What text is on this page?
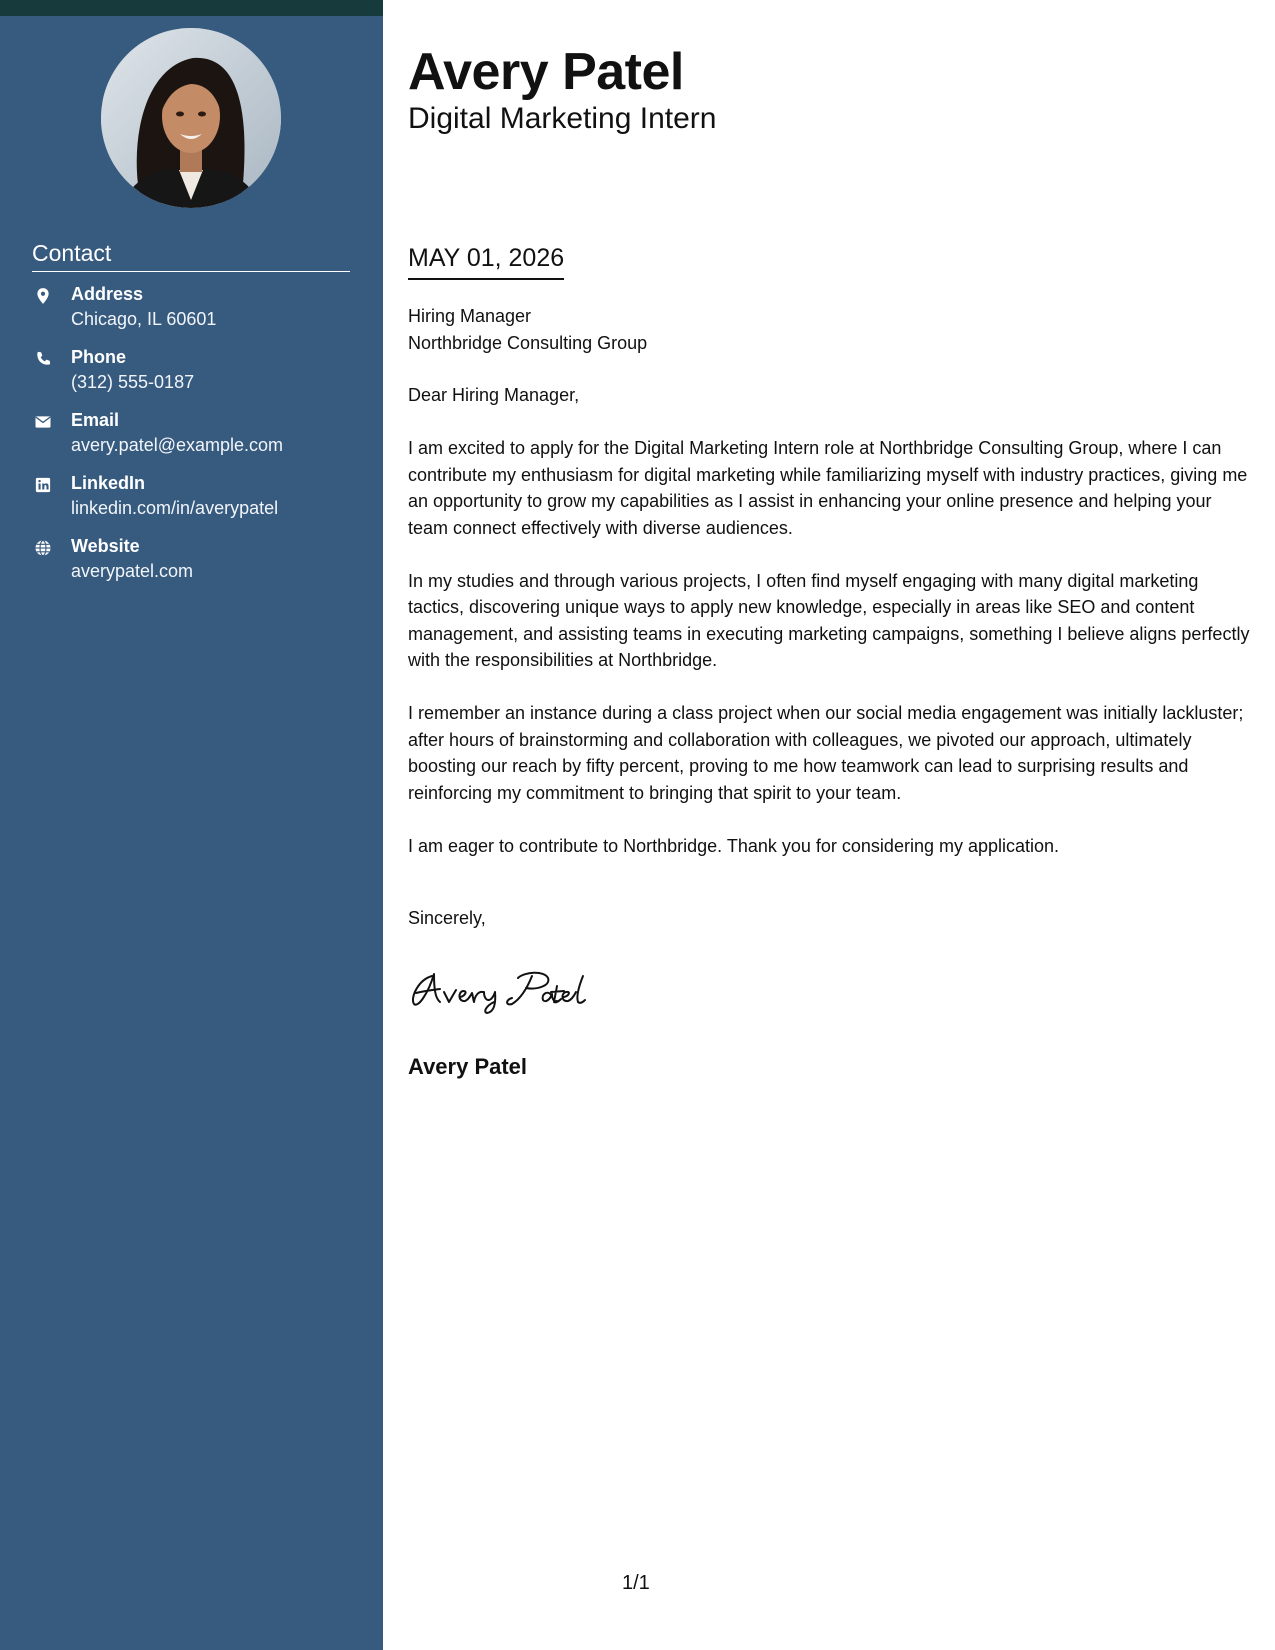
Contact
Address
Chicago, IL 60601
Phone
(312) 555-0187
Email
avery.patel@example.com
LinkedIn
linkedin.com/in/averypatel
Website
averypatel.com
Avery Patel
Digital Marketing Intern
MAY 01, 2026
Hiring Manager
Northbridge Consulting Group

Dear Hiring Manager,

I am excited to apply for the Digital Marketing Intern role at Northbridge Consulting Group, where I can contribute my enthusiasm for digital marketing while familiarizing myself with industry practices, giving me an opportunity to grow my capabilities as I assist in enhancing your online presence and helping your team connect effectively with diverse audiences.

In my studies and through various projects, I often find myself engaging with many digital marketing tactics, discovering unique ways to apply new knowledge, especially in areas like SEO and content management, and assisting teams in executing marketing campaigns, something I believe aligns perfectly with the responsibilities at Northbridge.

I remember an instance during a class project when our social media engagement was initially lackluster; after hours of brainstorming and collaboration with colleagues, we pivoted our approach, ultimately boosting our reach by fifty percent, proving to me how teamwork can lead to surprising results and reinforcing my commitment to bringing that spirit to your team.

I am eager to contribute to Northbridge. Thank you for considering my application.

Sincerely,
Avery Patel
1/1
